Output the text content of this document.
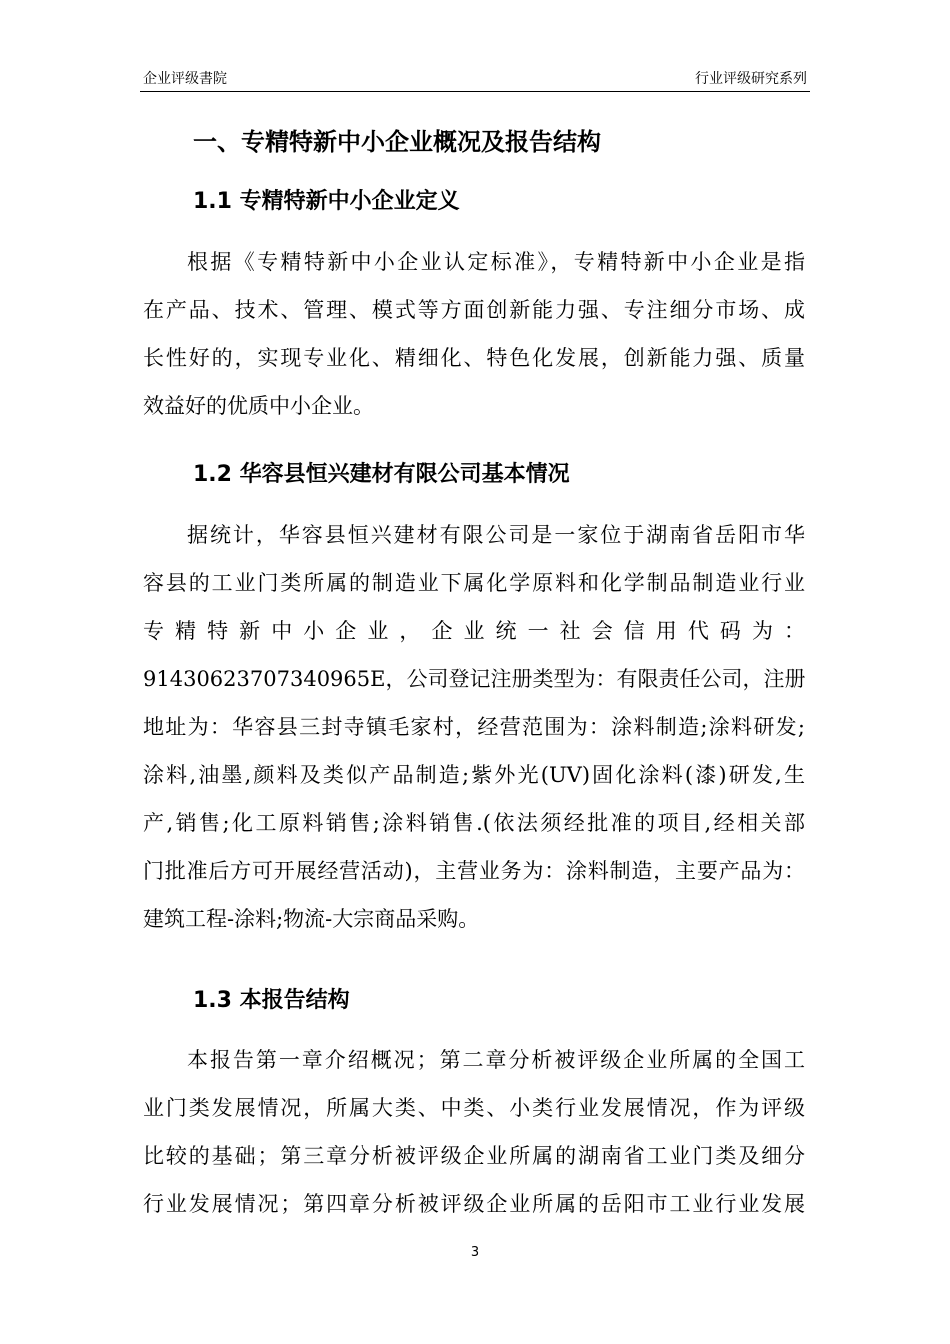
企业评级書院	行业评级研究系列
一、专精特新中小企业概况及报告结构
1.1 专精特新中小企业定义
根据《专精特新中小企业认定标准》，专精特新中小企业是指
在产品、技术、管理、模式等方面创新能力强、专注细分市场、成
长性好的，实现专业化、精细化、特色化发展，创新能力强、质量
效益好的优质中小企业。
1.2 华容县恒兴建材有限公司基本情况
据统计，华容县恒兴建材有限公司是一家位于湖南省岳阳市华
容县的工业门类所属的制造业下属化学原料和化学制品制造业行业
专精特新中小企业，企业统一社会信用代码为：
91430623707340965E，公司登记注册类型为：有限责任公司，注册
地址为：华容县三封寺镇毛家村，经营范围为：涂料制造;涂料研发;
涂料,油墨,颜料及类似产品制造;紫外光(UV)固化涂料(漆)研发,生
产,销售;化工原料销售;涂料销售.(依法须经批准的项目,经相关部
门批准后方可开展经营活动)，主营业务为：涂料制造，主要产品为：
建筑工程-涂料;物流-大宗商品采购。
1.3 本报告结构
本报告第一章介绍概况；第二章分析被评级企业所属的全国工
业门类发展情况，所属大类、中类、小类行业发展情况，作为评级
比较的基础；第三章分析被评级企业所属的湖南省工业门类及细分
行业发展情况；第四章分析被评级企业所属的岳阳市工业行业发展
3
